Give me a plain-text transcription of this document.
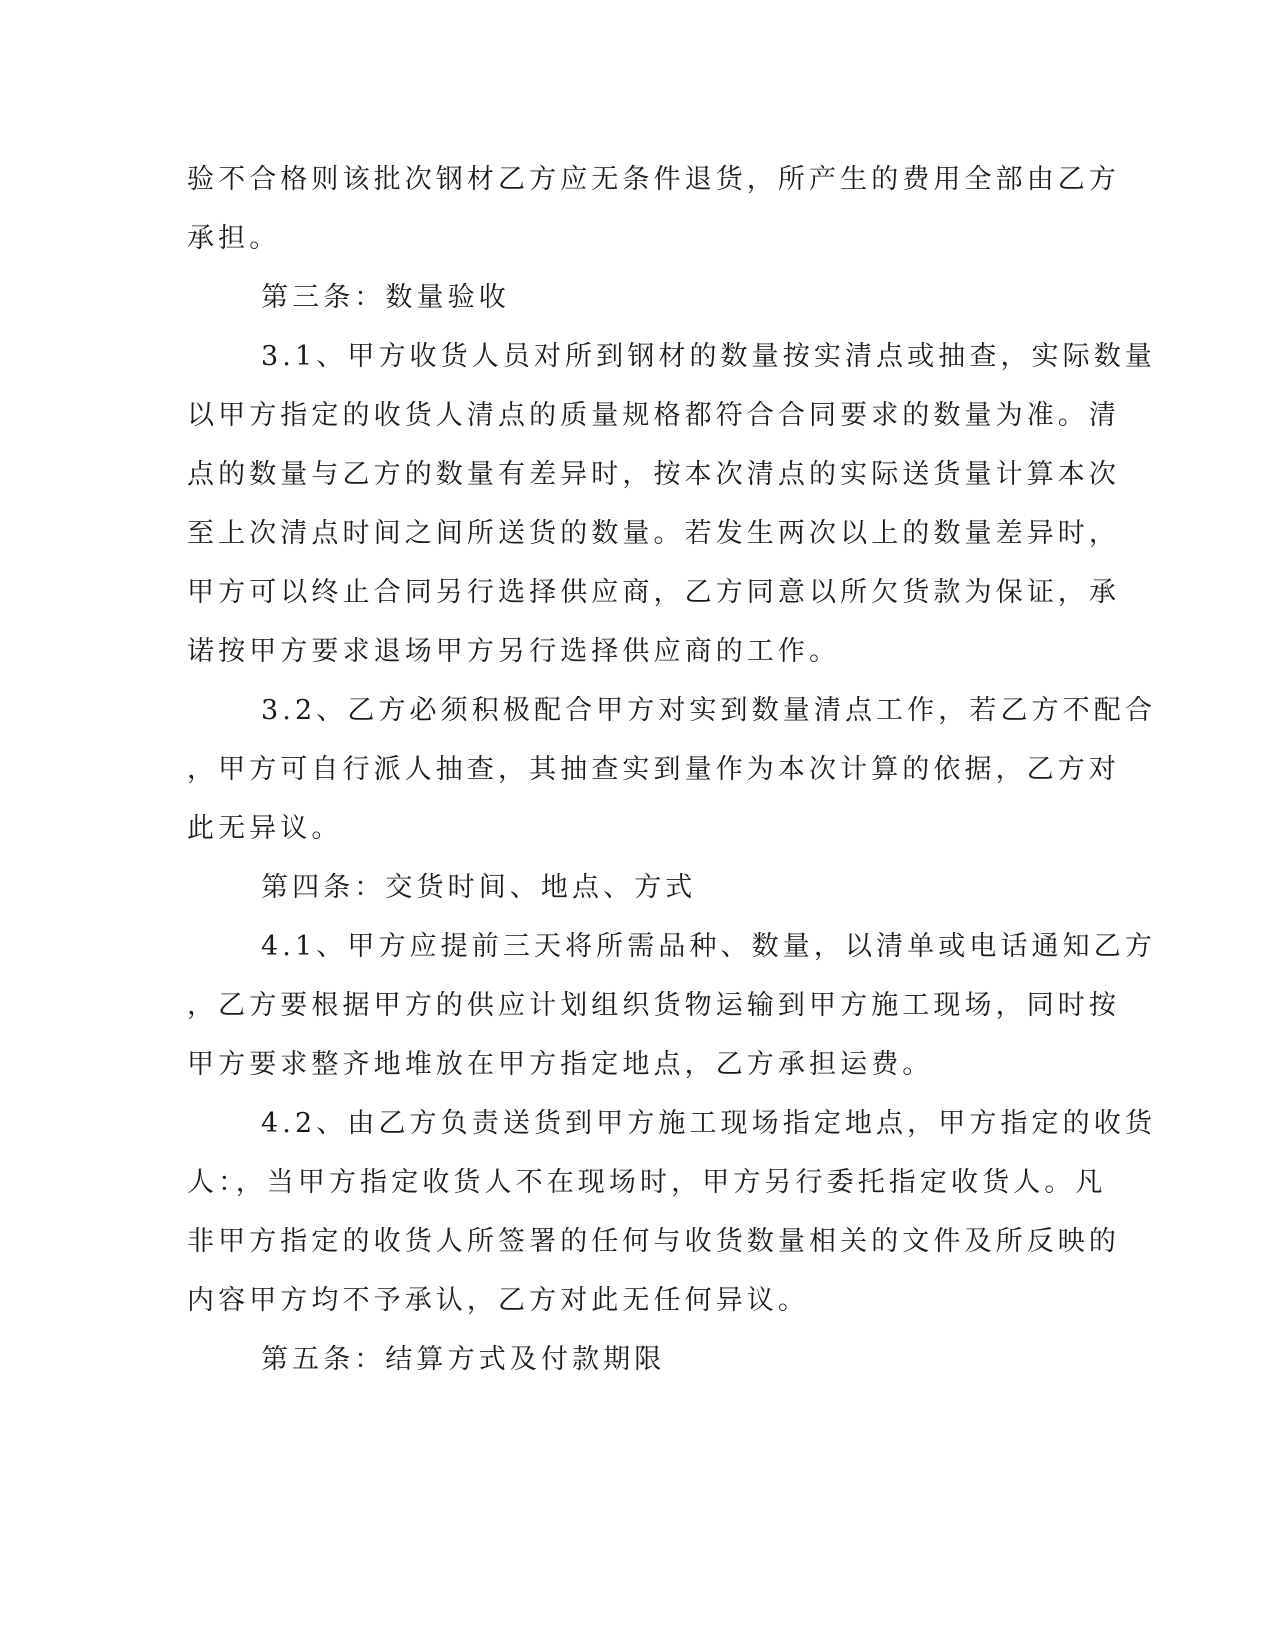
验不合格则该批次钢材乙方应无条件退货，所产生的费用全部由乙方
承担。
第三条：数量验收
3.1、甲方收货人员对所到钢材的数量按实清点或抽查，实际数量
以甲方指定的收货人清点的质量规格都符合合同要求的数量为准。清
点的数量与乙方的数量有差异时，按本次清点的实际送货量计算本次
至上次清点时间之间所送货的数量。若发生两次以上的数量差异时，
甲方可以终止合同另行选择供应商，乙方同意以所欠货款为保证，承
诺按甲方要求退场甲方另行选择供应商的工作。
3.2、乙方必须积极配合甲方对实到数量清点工作，若乙方不配合
，甲方可自行派人抽查，其抽查实到量作为本次计算的依据，乙方对
此无异议。
第四条：交货时间、地点、方式
4.1、甲方应提前三天将所需品种、数量，以清单或电话通知乙方
，乙方要根据甲方的供应计划组织货物运输到甲方施工现场，同时按
甲方要求整齐地堆放在甲方指定地点，乙方承担运费。
4.2、由乙方负责送货到甲方施工现场指定地点，甲方指定的收货
人：，当甲方指定收货人不在现场时，甲方另行委托指定收货人。凡
非甲方指定的收货人所签署的任何与收货数量相关的文件及所反映的
内容甲方均不予承认，乙方对此无任何异议。
第五条：结算方式及付款期限
